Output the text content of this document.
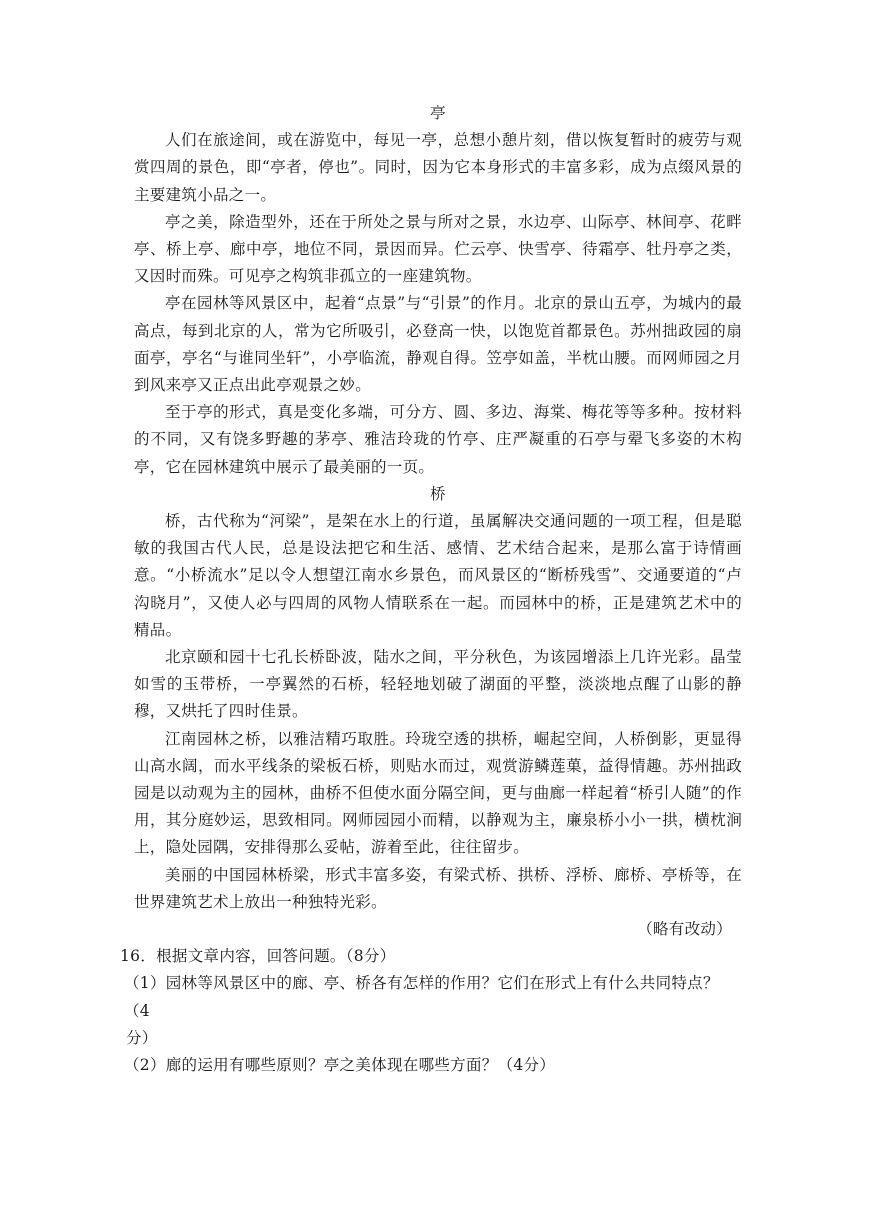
亭

人们在旅途间，或在游览中，每见一亭，总想小憩片刻，借以恢复暂时的疲劳与观赏四周的景色，即“亭者，停也”。同时，因为它本身形式的丰富多彩，成为点缀风景的主要建筑小品之一。

亭之美，除造型外，还在于所处之景与所对之景，水边亭、山际亭、林间亭、花畔亭、桥上亭、廊中亭，地位不同，景因而异。伫云亭、快雪亭、待霜亭、牡丹亭之类，又因时而殊。可见亭之构筑非孤立的一座建筑物。

亭在园林等风景区中，起着“点景”与“引景”的作月。北京的景山五亭，为城内的最高点，每到北京的人，常为它所吸引，必登高一快，以饱览首都景色。苏州拙政园的扇面亭，亭名“与谁同坐轩”，小亭临流，静观自得。笠亭如盖，半枕山腰。而网师园之月到风来亭又正点出此亭观景之妙。

至于亭的形式，真是变化多端，可分方、圆、多边、海棠、梅花等等多种。按材料的不同，又有饶多野趣的茅亭、雅洁玲珑的竹亭、庄严凝重的石亭与翚飞多姿的木构亭，它在园林建筑中展示了最美丽的一页。

桥

桥，古代称为“河梁”，是架在水上的行道，虽属解决交通问题的一项工程，但是聪敏的我国古代人民，总是设法把它和生活、感情、艺术结合起来，是那么富于诗情画意。“小桥流水”足以令人想望江南水乡景色，而风景区的“断桥残雪”、交通要道的“卢沟晓月”，又使人必与四周的风物人情联系在一起。而园林中的桥，正是建筑艺术中的精品。

北京颐和园十七孔长桥卧波，陆水之间，平分秋色，为该园增添上几许光彩。晶莹如雪的玉带桥，一亭翼然的石桥，轻轻地划破了湖面的平整，淡淡地点醒了山影的静穆，又烘托了四时佳景。

江南园林之桥，以雅洁精巧取胜。玲珑空透的拱桥，崛起空间，人桥倒影，更显得山高水阔，而水平线条的梁板石桥，则贴水而过，观赏游鳞莲菓，益得情趣。苏州拙政园是以动观为主的园林，曲桥不但使水面分隔空间，更与曲廊一样起着“桥引人随”的作用，其分庭妙运，思致相同。网师园园小而精，以静观为主，廉泉桥小小一拱，横枕涧上，隐处园隅，安排得那么妥帖，游着至此，往往留步。

美丽的中国园林桥梁，形式丰富多姿，有梁式桥、拱桥、浮桥、廊桥、亭桥等，在世界建筑艺术上放出一种独特光彩。

（略有改动）

16．根据文章内容，回答问题。（8分）

（1）园林等风景区中的廊、亭、桥各有怎样的作用？它们在形式上有什么共同特点？（4
分）

（2）廊的运用有哪些原则？亭之美体现在哪些方面？（4分）
